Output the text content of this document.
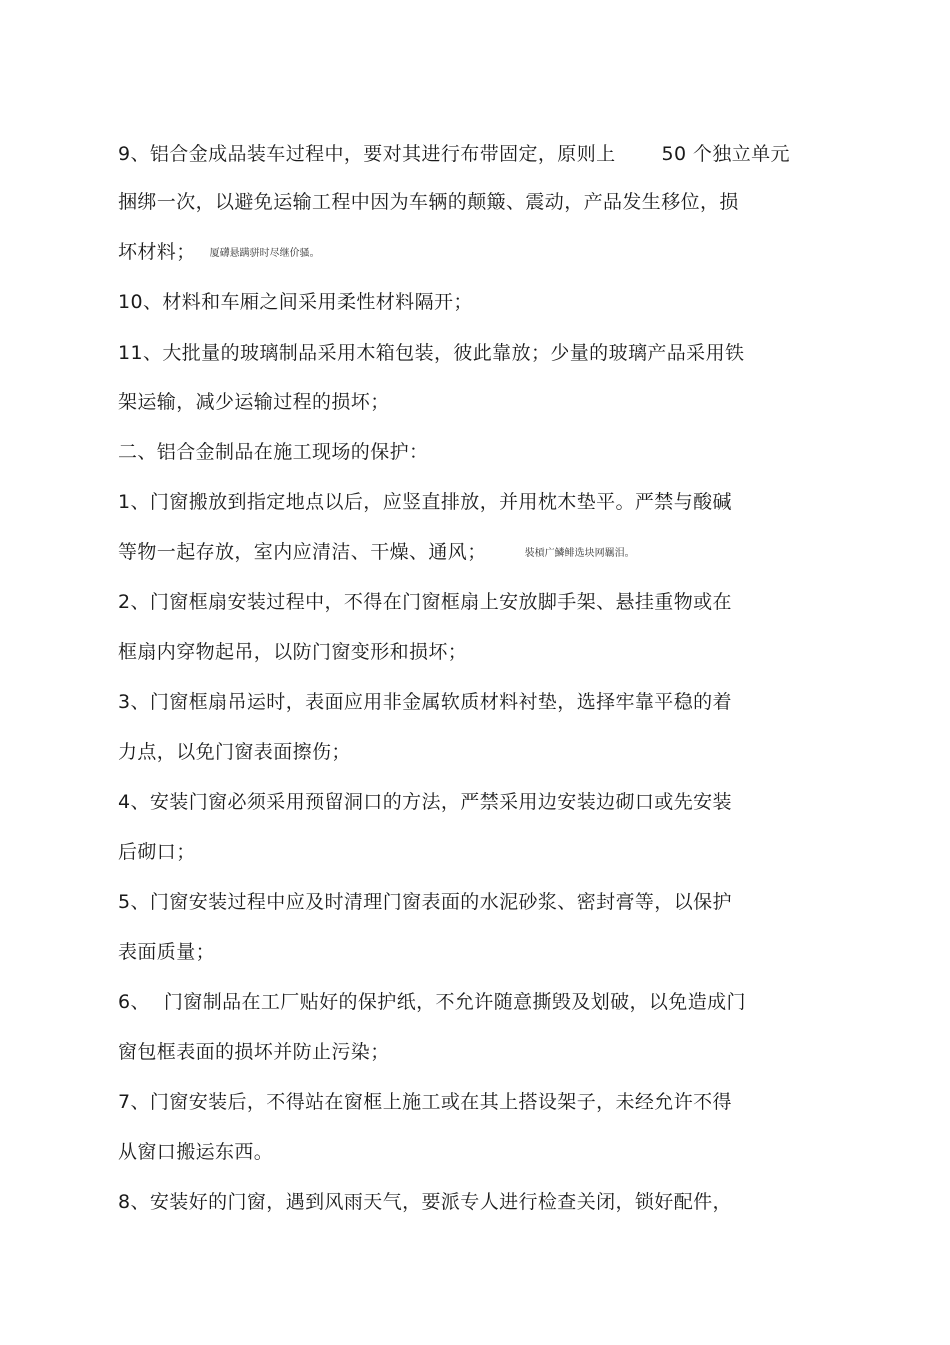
9、铝合金成品装车过程中，要对其进行布带固定，原则上 50 个独立单元
捆绑一次，以避免运输工程中因为车辆的颠簸、震动，产品发生移位，损
坏材料； 厦礴悬蹒骈时尽继价骚。
10、材料和车厢之间采用柔性材料隔开；
11、大批量的玻璃制品采用木箱包装，彼此靠放；少量的玻璃产品采用铁
架运输，减少运输过程的损坏；
二、铝合金制品在施工现场的保护：
1、门窗搬放到指定地点以后，应竖直排放，并用枕木垫平。严禁与酸碱
等物一起存放，室内应清洁、干燥、通风；	裝槓广鱗鲱选块网羈泪。
2、门窗框扇安装过程中，不得在门窗框扇上安放脚手架、悬挂重物或在
框扇内穿物起吊，以防门窗变形和损坏；
3、门窗框扇吊运时，表面应用非金属软质材料衬垫，选择牢靠平稳的着
力点，以免门窗表面擦伤；
4、安装门窗必须采用预留洞口的方法，严禁采用边安装边砌口或先安装
后砌口；
5、门窗安装过程中应及时清理门窗表面的水泥砂浆、密封膏等，以保护
表面质量；
6、 门窗制品在工厂贴好的保护纸，不允许随意撕毁及划破，以免造成门
窗包框表面的损坏并防止污染；
7、门窗安装后，不得站在窗框上施工或在其上搭设架子，未经允许不得
从窗口搬运东西。
8、安装好的门窗，遇到风雨天气，要派专人进行检查关闭，锁好配件，
